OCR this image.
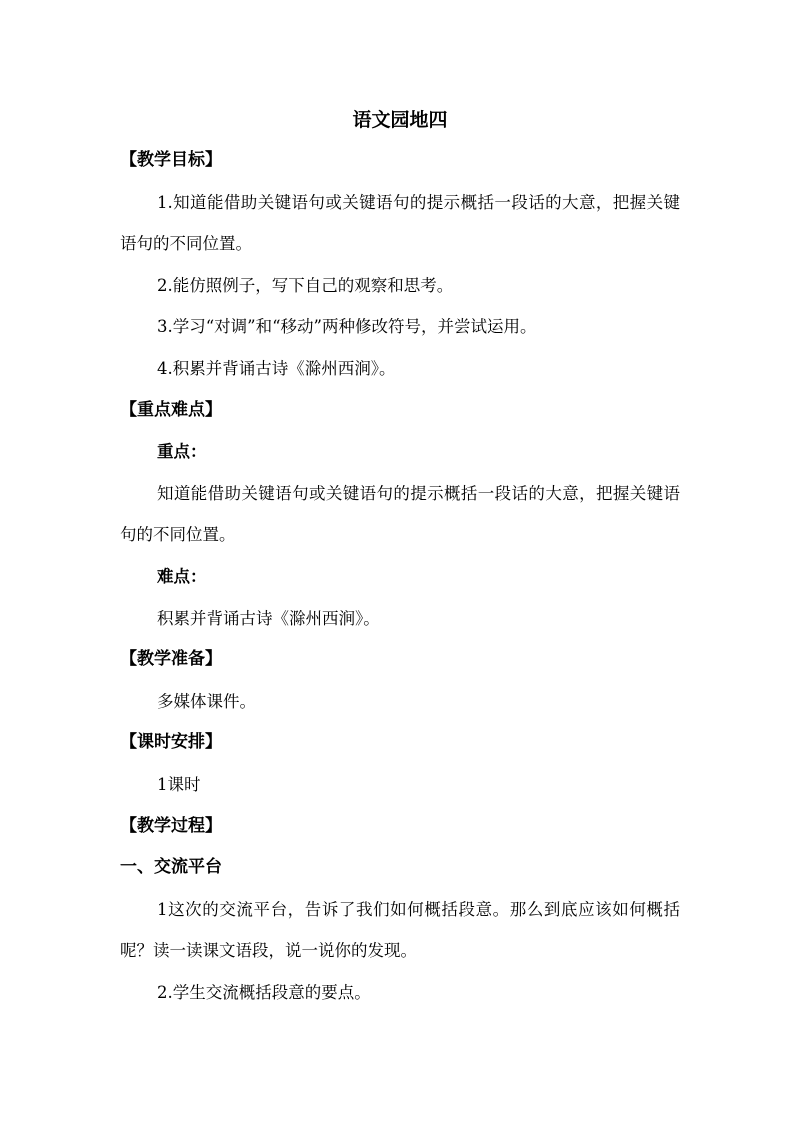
语文园地四
【教学目标】

1.知道能借助关键语句或关键语句的提示概括一段话的大意，把握关键语句的不同位置。

2.能仿照例子，写下自己的观察和思考。
3.学习“对调”和“移动”两种修改符号，并尝试运用。
4.积累并背诵古诗《滁州西涧》。
【重点难点】
重点：

知道能借助关键语句或关键语句的提示概括一段话的大意，把握关键语句的不同位置。

难点：
积累并背诵古诗《滁州西涧》。
【教学准备】
多媒体课件。
【课时安排】
1课时
【教学过程】
一、交流平台

1这次的交流平台，告诉了我们如何概括段意。那么到底应该如何概括呢？读一读课文语段，说一说你的发现。

2.学生交流概括段意的要点。
